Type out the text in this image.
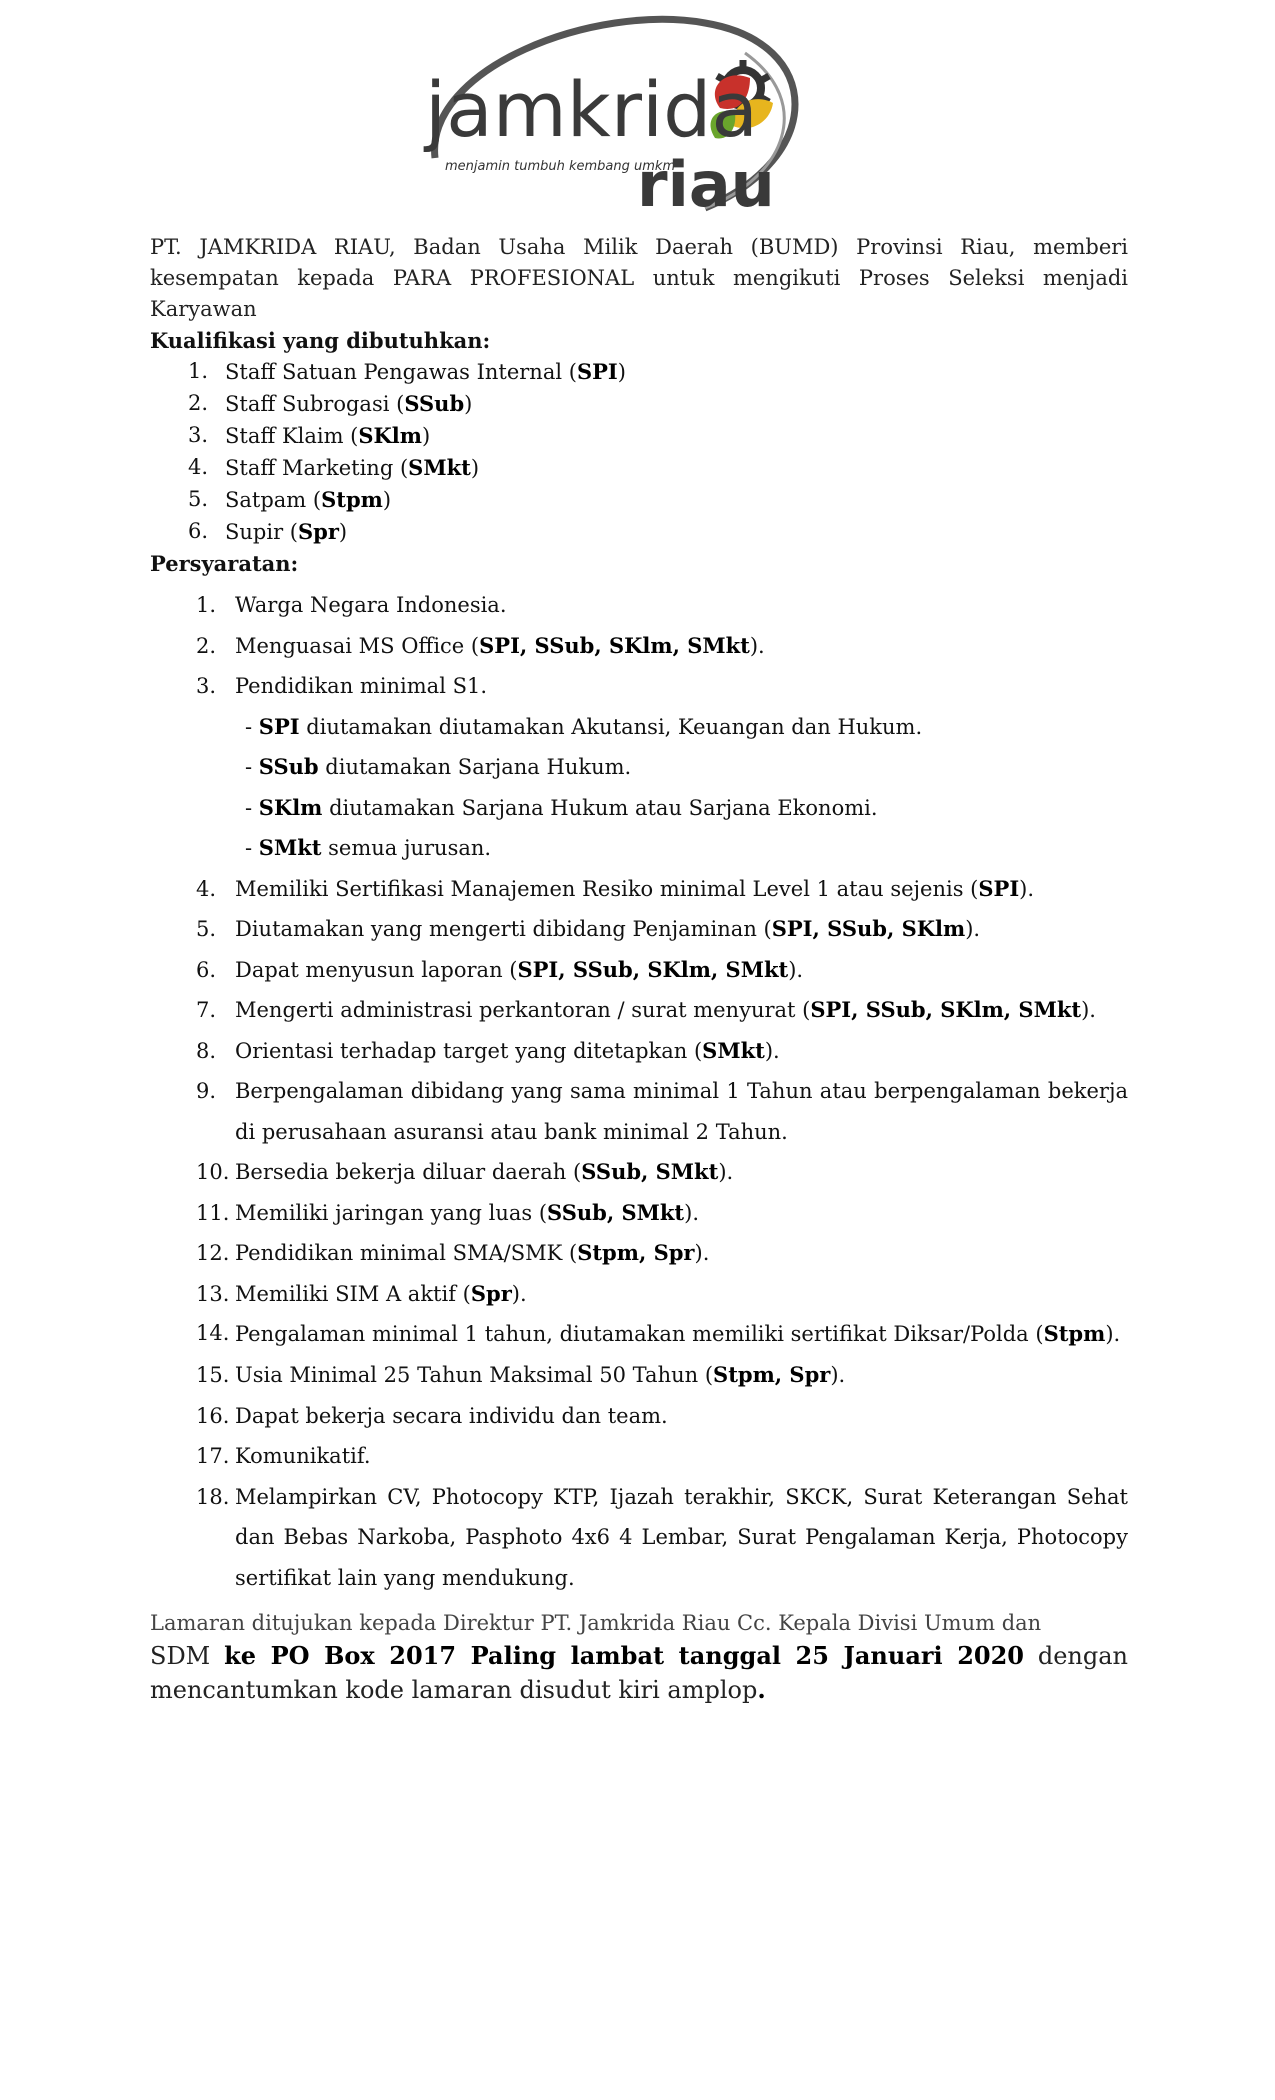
jamkrida
menjamin tumbuh kembang umkm
riau

PT. JAMKRIDA RIAU, Badan Usaha Milik Daerah (BUMD) Provinsi Riau, memberi kesempatan kepada PARA PROFESIONAL untuk mengikuti Proses Seleksi menjadi Karyawan

Kualifikasi yang dibutuhkan:

1. Staff Satuan Pengawas Internal (SPI)
2. Staff Subrogasi (SSub)
3. Staff Klaim (SKlm)
4. Staff Marketing (SMkt)
5. Satpam (Stpm)
6. Supir (Spr)

Persyaratan:

1. Warga Negara Indonesia.
2. Menguasai MS Office (SPI, SSub, SKlm, SMkt).
3. Pendidikan minimal S1.
- SPI diutamakan diutamakan Akutansi, Keuangan dan Hukum.
- SSub diutamakan Sarjana Hukum.
- SKlm diutamakan Sarjana Hukum atau Sarjana Ekonomi.
- SMkt semua jurusan.
4. Memiliki Sertifikasi Manajemen Resiko minimal Level 1 atau sejenis (SPI).
5. Diutamakan yang mengerti dibidang Penjaminan (SPI, SSub, SKlm).
6. Dapat menyusun laporan (SPI, SSub, SKlm, SMkt).
7. Mengerti administrasi perkantoran / surat menyurat (SPI, SSub, SKlm, SMkt).
8. Orientasi terhadap target yang ditetapkan (SMkt).
9. Berpengalaman dibidang yang sama minimal 1 Tahun atau berpengalaman bekerja di perusahaan asuransi atau bank minimal 2 Tahun.
10. Bersedia bekerja diluar daerah (SSub, SMkt).
11. Memiliki jaringan yang luas (SSub, SMkt).
12. Pendidikan minimal SMA/SMK (Stpm, Spr).
13. Memiliki SIM A aktif (Spr).
14. Pengalaman minimal 1 tahun, diutamakan memiliki sertifikat Diksar/Polda (Stpm).
15. Usia Minimal 25 Tahun Maksimal 50 Tahun (Stpm, Spr).
16. Dapat bekerja secara individu dan team.
17. Komunikatif.
18. Melampirkan CV, Photocopy KTP, Ijazah terakhir, SKCK, Surat Keterangan Sehat dan Bebas Narkoba, Pasphoto 4x6 4 Lembar, Surat Pengalaman Kerja, Photocopy sertifikat lain yang mendukung.

Lamaran ditujukan kepada Direktur PT. Jamkrida Riau Cc. Kepala Divisi Umum dan

SDM ke PO Box 2017 Paling lambat tanggal 25 Januari 2020 dengan mencantumkan kode lamaran disudut kiri amplop.
